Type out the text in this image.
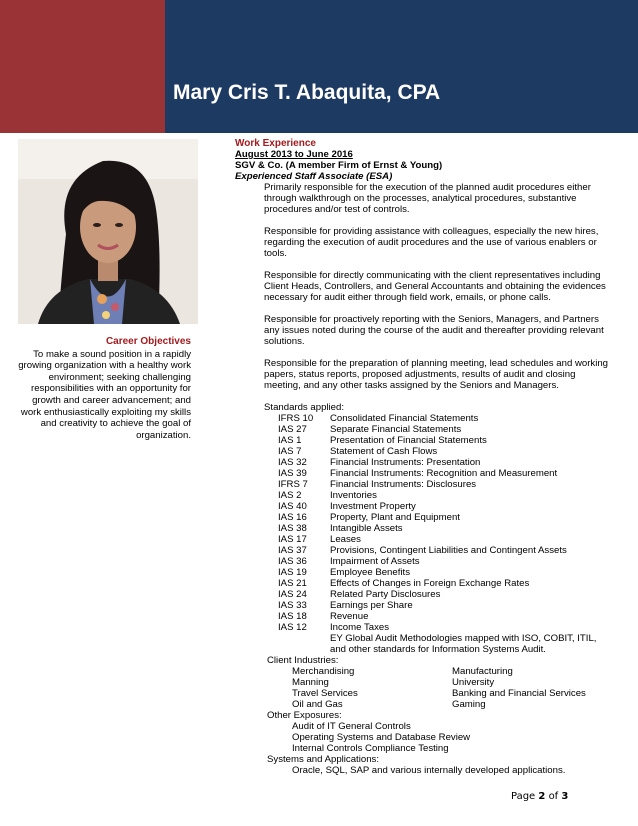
Mary Cris T. Abaquita, CPA
Career Objectives
To make a sound position in a rapidly
growing organization with a healthy work
environment; seeking challenging
responsibilities with an opportunity for
growth and career advancement; and
work enthusiastically exploiting my skills
and creativity to achieve the goal of
organization.
Work Experience
August 2013 to June 2016
SGV & Co. (A member Firm of Ernst & Young)
Experienced Staff Associate (ESA)
Primarily responsible for the execution of the planned audit procedures either
through walkthrough on the processes, analytical procedures, substantive
procedures and/or test of controls.
Responsible for providing assistance with colleagues, especially the new hires,
regarding the execution of audit procedures and the use of various enablers or
tools.
Responsible for directly communicating with the client representatives including
Client Heads, Controllers, and General Accountants and obtaining the evidences
necessary for audit either through field work, emails, or phone calls.
Responsible for proactively reporting with the Seniors, Managers, and Partners
any issues noted during the course of the audit and thereafter providing relevant
solutions.
Responsible for the preparation of planning meeting, lead schedules and working
papers, status reports, proposed adjustments, results of audit and closing
meeting, and any other tasks assigned by the Seniors and Managers.
Standards applied:
IFRS 10	Consolidated Financial Statements
IAS 27	Separate Financial Statements
IAS 1	Presentation of Financial Statements
IAS 7	Statement of Cash Flows
IAS 32	Financial Instruments: Presentation
IAS 39	Financial Instruments: Recognition and Measurement
IFRS 7	Financial Instruments: Disclosures
IAS 2	Inventories
IAS 40	Investment Property
IAS 16	Property, Plant and Equipment
IAS 38	Intangible Assets
IAS 17	Leases
IAS 37	Provisions, Contingent Liabilities and Contingent Assets
IAS 36	Impairment of Assets
IAS 19	Employee Benefits
IAS 21	Effects of Changes in Foreign Exchange Rates
IAS 24	Related Party Disclosures
IAS 33	Earnings per Share
IAS 18	Revenue
IAS 12	Income Taxes
EY Global Audit Methodologies mapped with ISO, COBIT, ITIL,
and other standards for Information Systems Audit.
Client Industries:
Merchandising	Manufacturing
Manning	University
Travel Services	Banking and Financial Services
Oil and Gas	Gaming
Other Exposures:
Audit of IT General Controls
Operating Systems and Database Review
Internal Controls Compliance Testing
Systems and Applications:
Oracle, SQL, SAP and various internally developed applications.
Page 2 of 3
